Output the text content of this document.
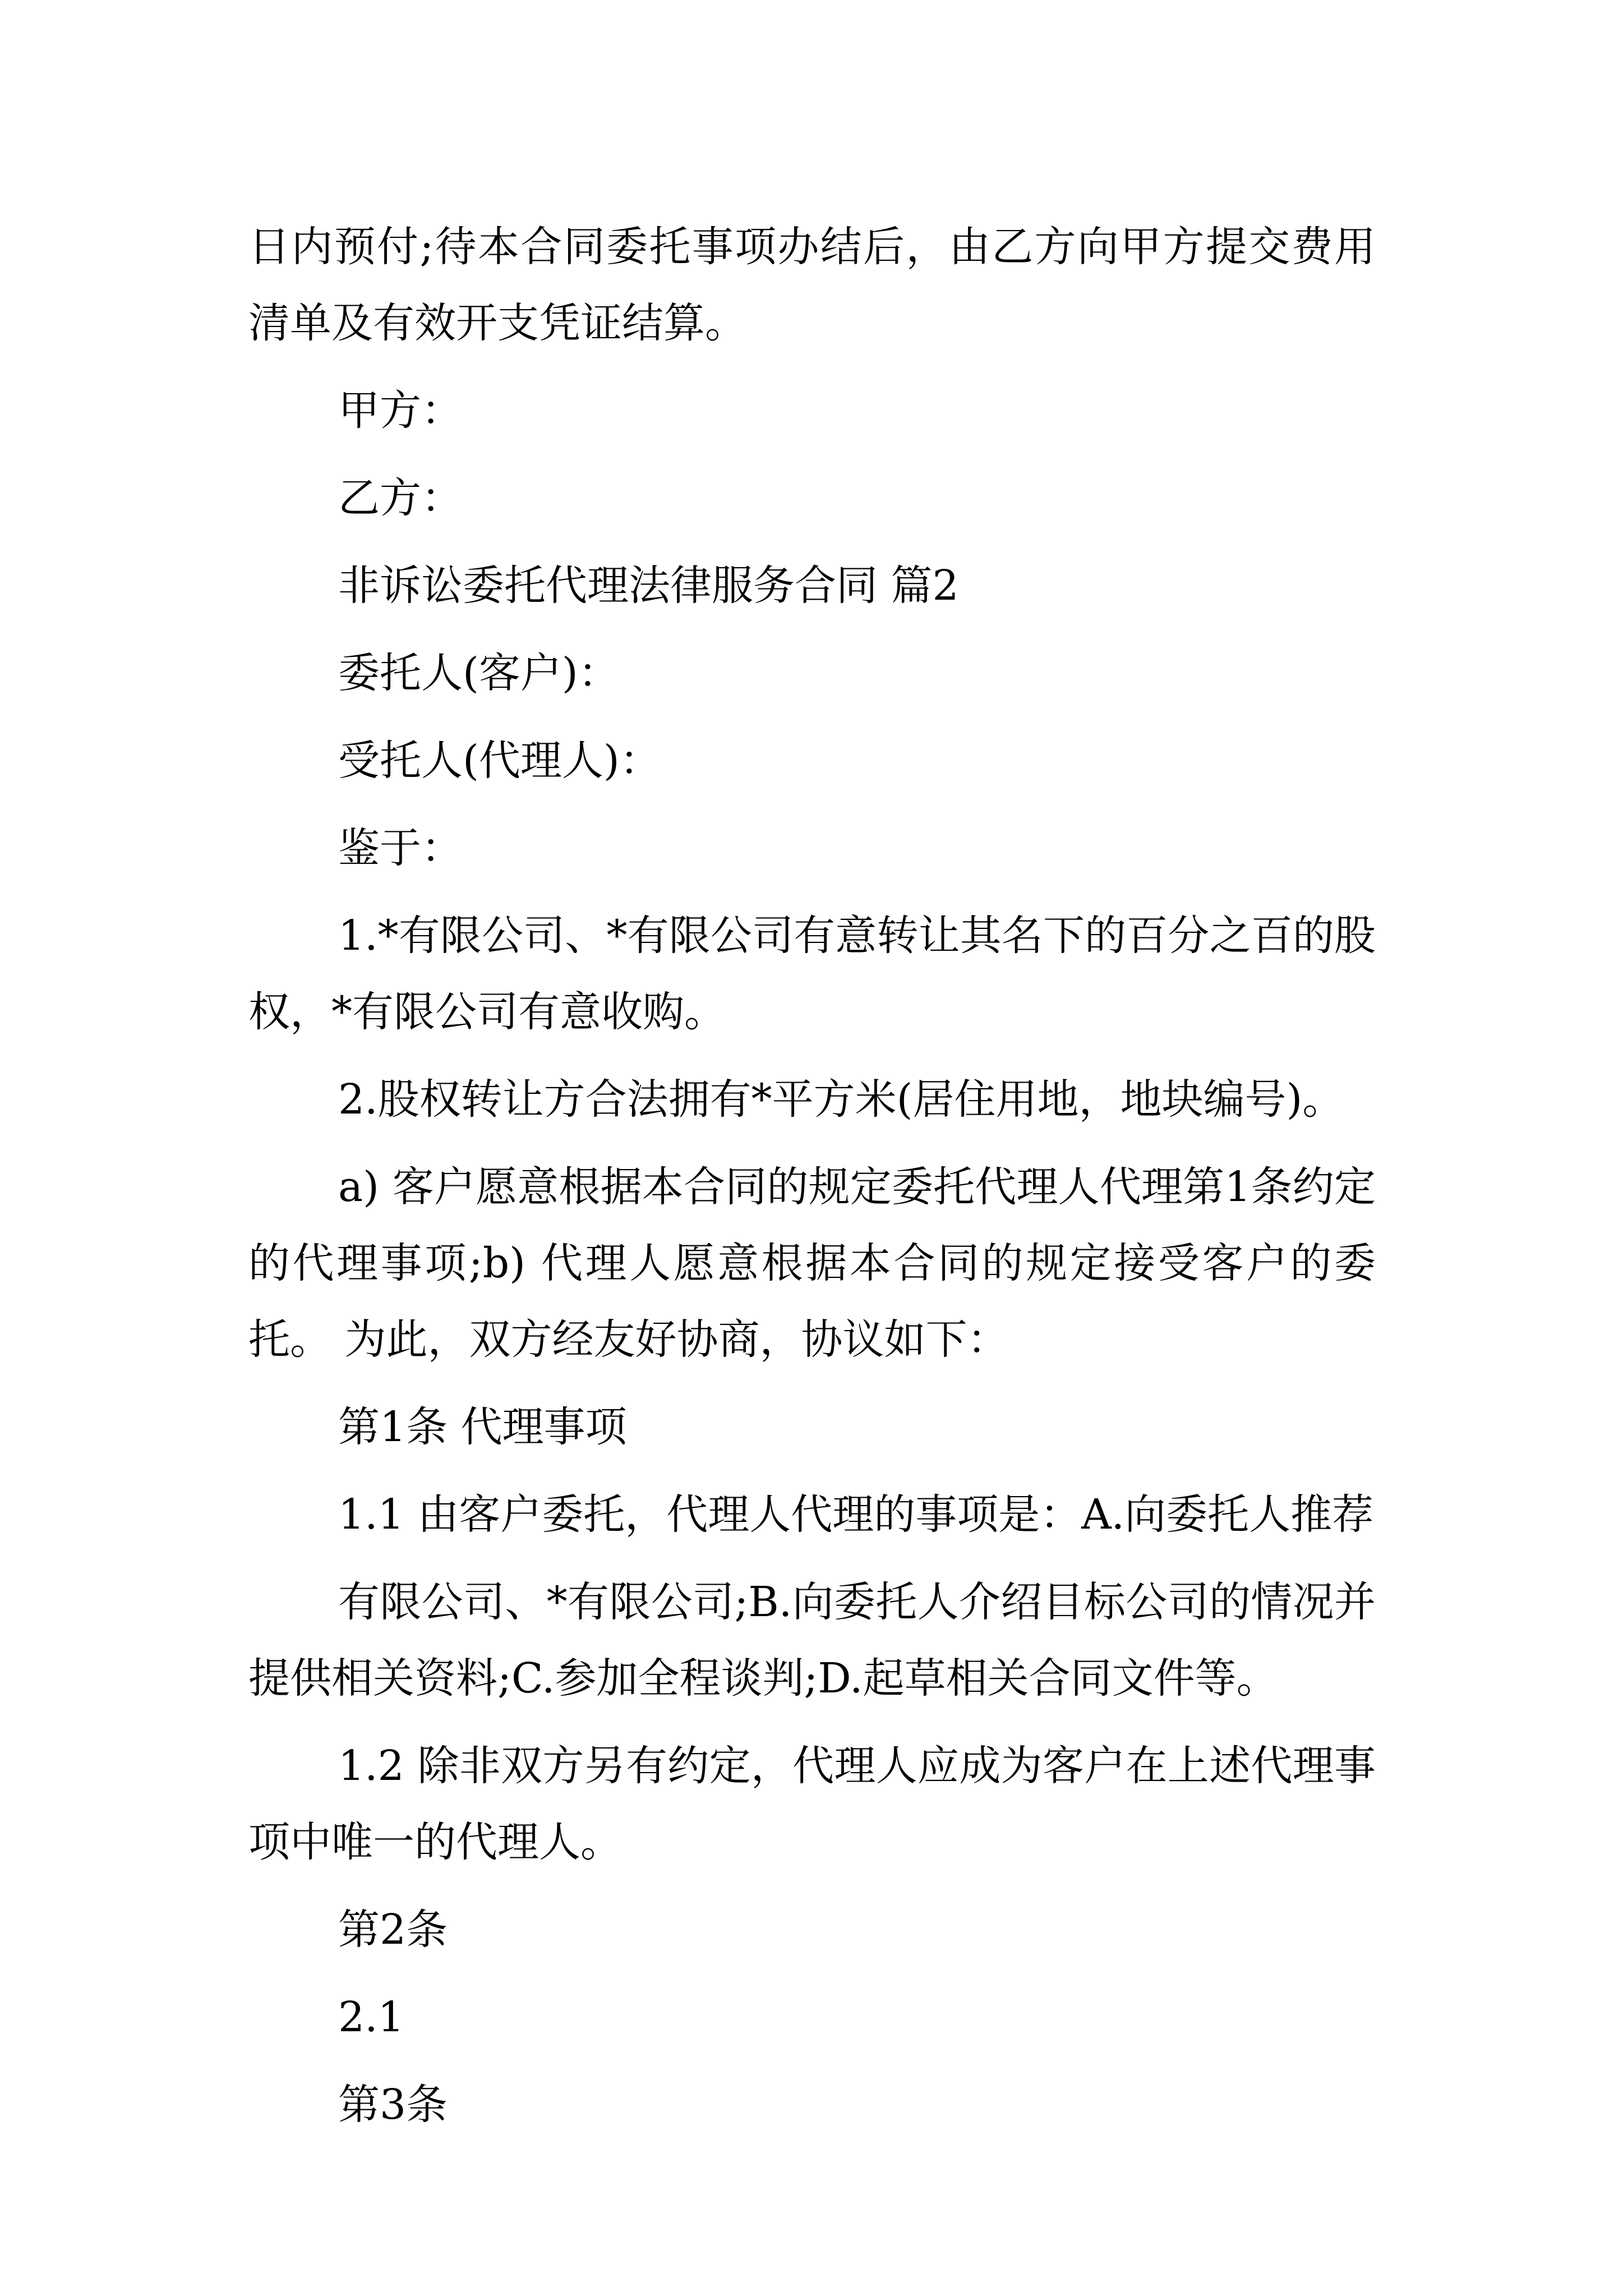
日内预付;待本合同委托事项办结后，由乙方向甲方提交费用清单及有效开支凭证结算。

甲方：

乙方：

非诉讼委托代理法律服务合同 篇2

委托人(客户)：

受托人(代理人)：

鉴于：

1.*有限公司、*有限公司有意转让其名下的百分之百的股权，*有限公司有意收购。

2.股权转让方合法拥有*平方米(居住用地，地块编号)。

a) 客户愿意根据本合同的规定委托代理人代理第1条约定的代理事项;b) 代理人愿意根据本合同的规定接受客户的委托。 为此，双方经友好协商，协议如下：

第1条 代理事项

1.1 由客户委托，代理人代理的事项是：A.向委托人推荐

有限公司、*有限公司;B.向委托人介绍目标公司的情况并提供相关资料;C.参加全程谈判;D.起草相关合同文件等。

1.2 除非双方另有约定，代理人应成为客户在上述代理事项中唯一的代理人。

第2条

2.1

第3条
